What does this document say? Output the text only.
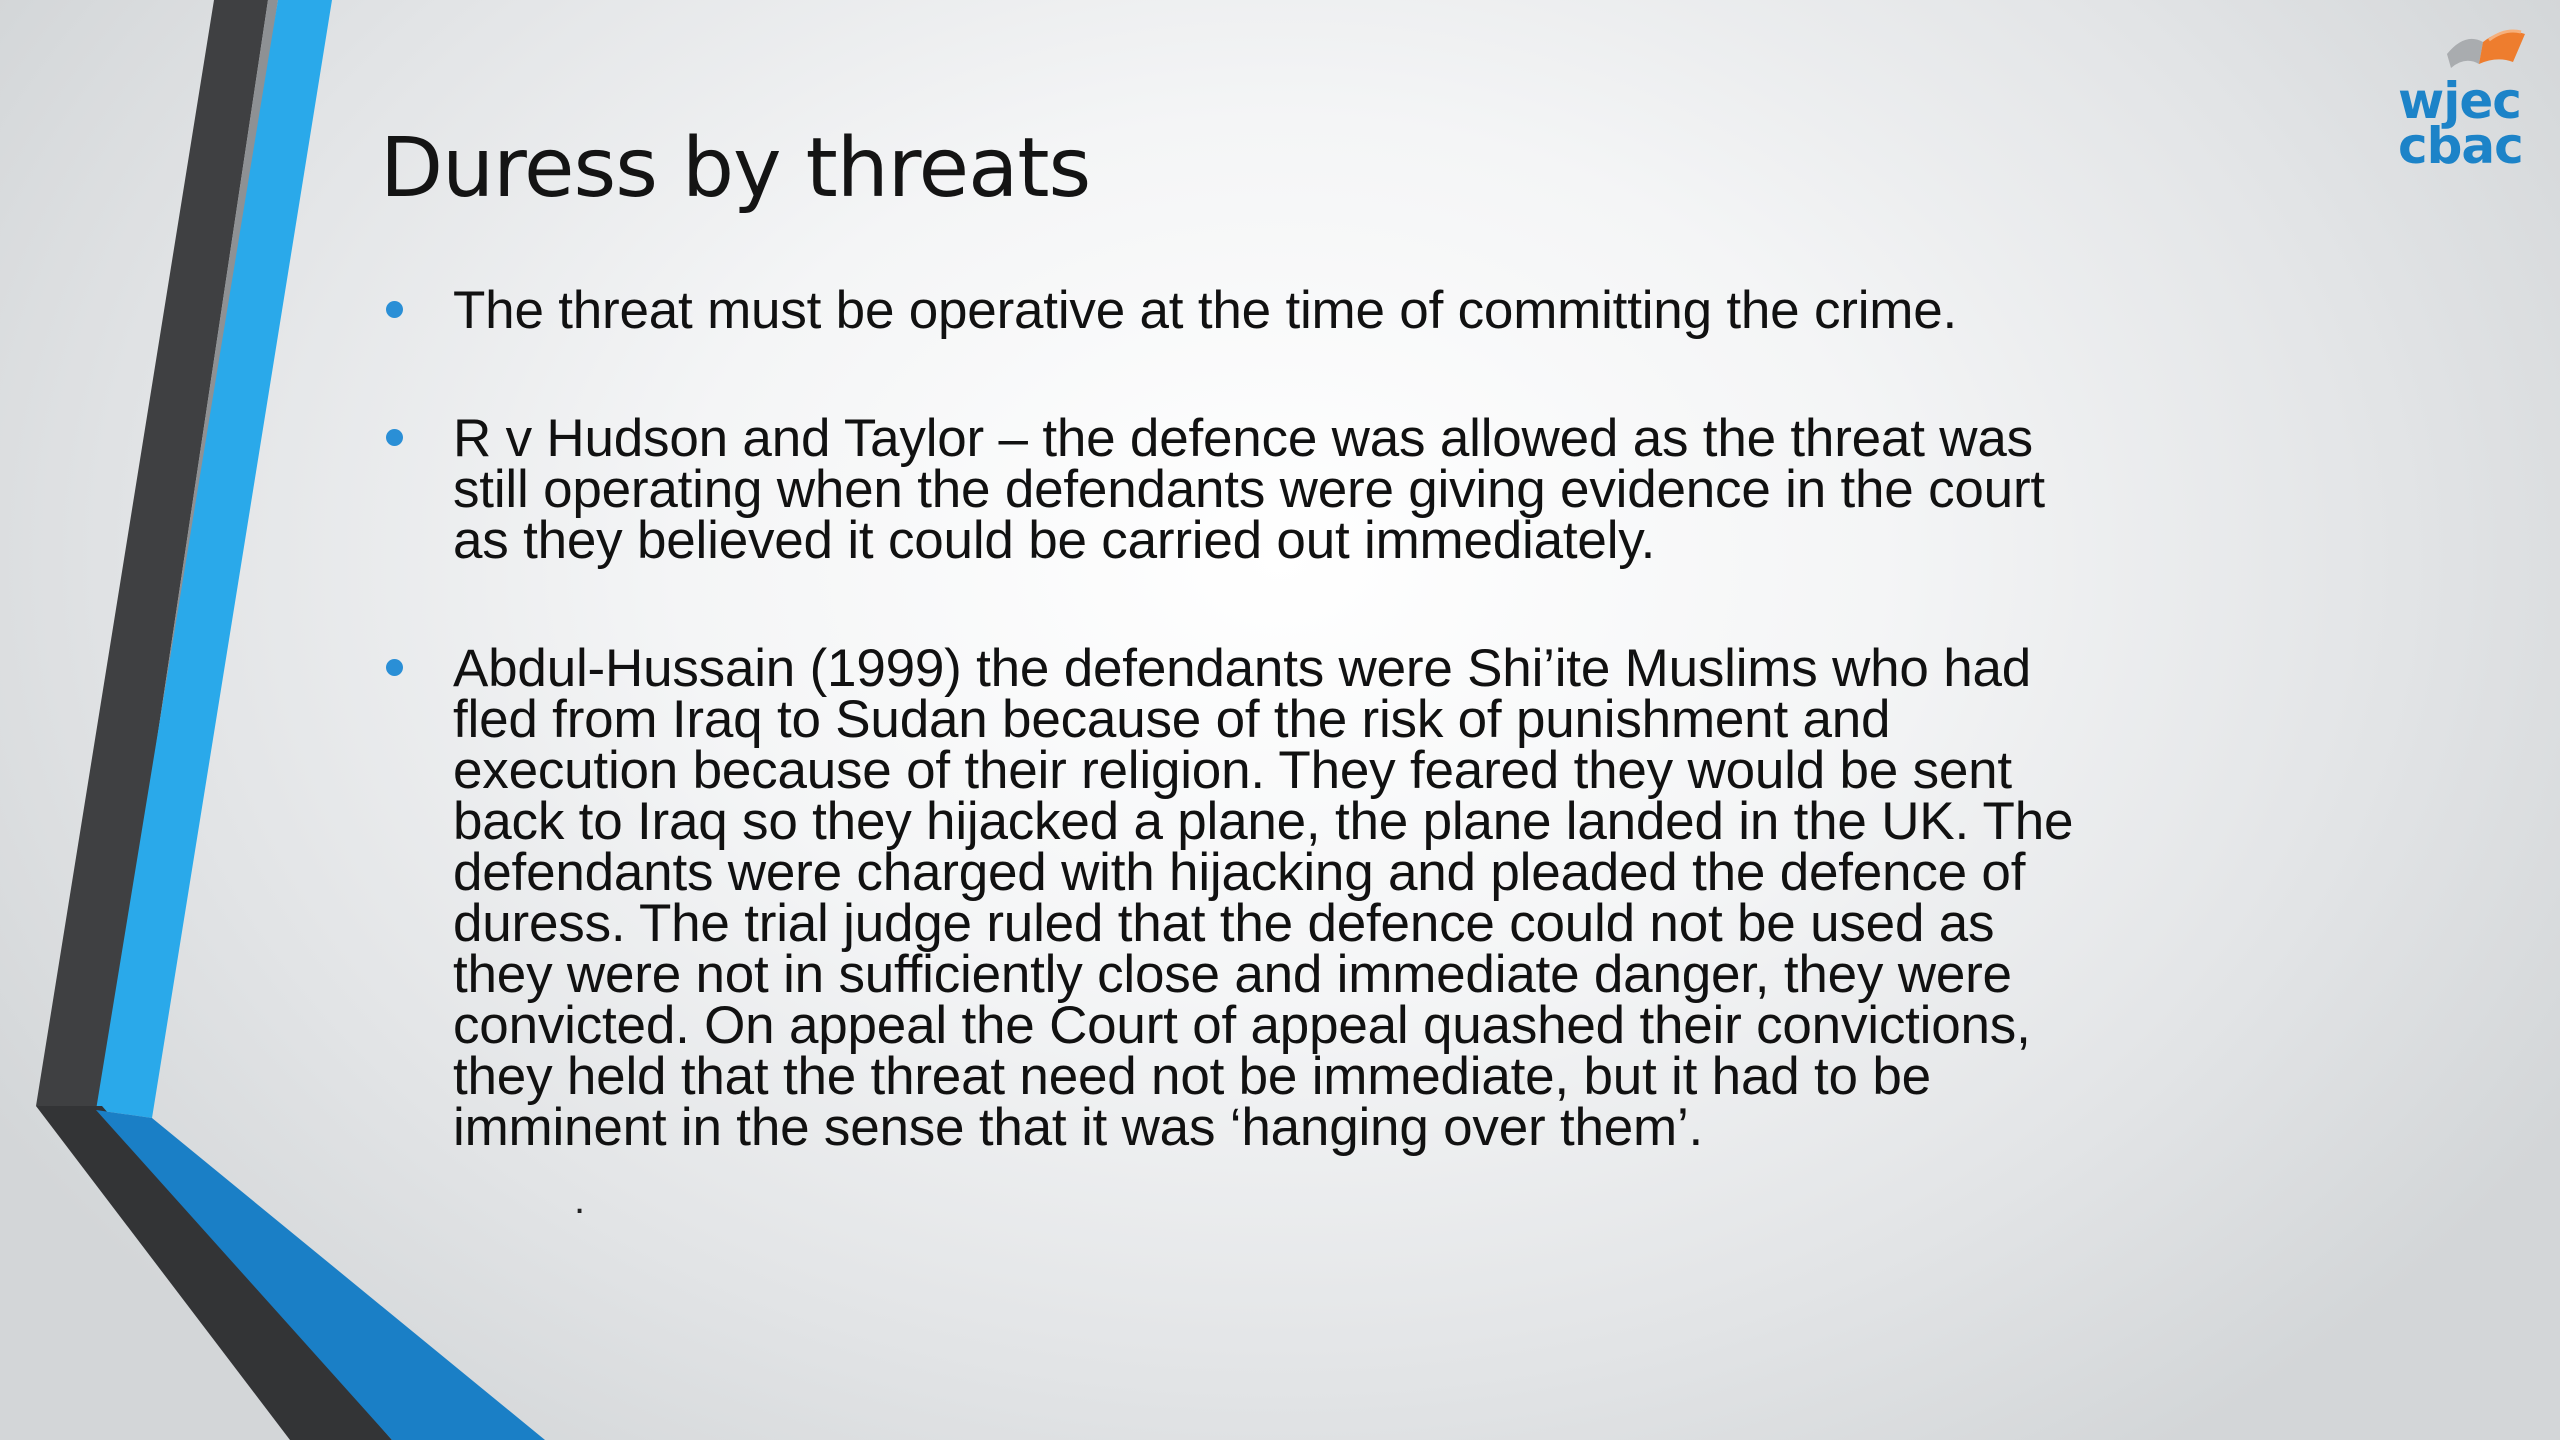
Duress by threats
The threat must be operative at the time of committing the crime.
R v Hudson and Taylor – the defence was allowed as the threat was still operating when the defendants were giving evidence in the court as they believed it could be carried out immediately.
Abdul-Hussain (1999) the defendants were Shi’ite Muslims who had fled from Iraq to Sudan because of the risk of punishment and execution because of their religion. They feared they would be sent back to Iraq so they hijacked a plane, the plane landed in the UK. The defendants were charged with hijacking and pleaded the defence of duress. The trial judge ruled that the defence could not be used as they were not in sufficiently close and immediate danger, they were convicted. On appeal the Court of appeal quashed their convictions, they held that the threat need not be immediate, but it had to be imminent in the sense that it was ‘hanging over them’.
.
wjec
cbac
